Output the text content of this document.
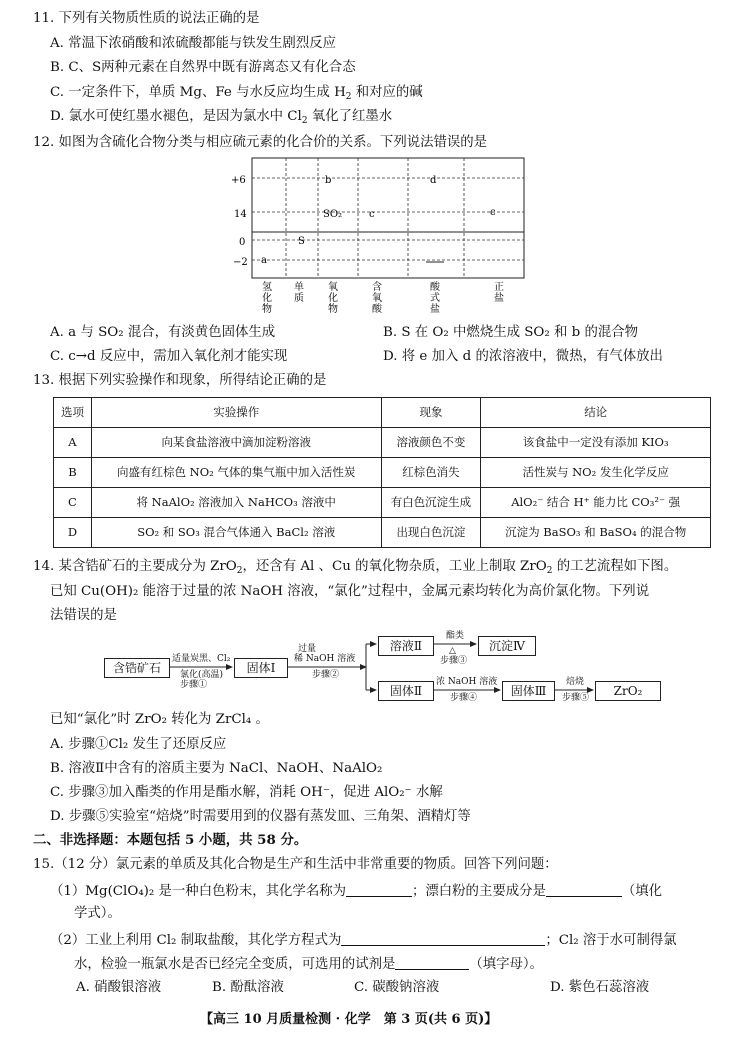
11. 下列有关物质性质的说法正确的是
A. 常温下浓硝酸和浓硫酸都能与铁发生剧烈反应
B. C、S两种元素在自然界中既有游离态又有化合态
C. 一定条件下，单质 Mg、Fe 与水反应均生成 $H_2$ 和对应的碱
D. 氯水可使红墨水褪色，是因为氯水中 $Cl_2$ 氧化了红墨水
12. 如图为含硫化合物分类与相应硫元素的化合价的关系。下列说法错误的是
+6
14
0
−2 a
S
b	d
SO₂	c	c
氢化物
单质
氧化物
含氧酸
酸式盐
正盐
A. a 与 SO₂ 混合，有淡黄色固体生成	B. S 在 O₂ 中燃烧生成 SO₂ 和 b 的混合物
C. c→d 反应中，需加入氧化剂才能实现	D. 将 e 加入 d 的浓溶液中，微热，有气体放出
13. 根据下列实验操作和现象，所得结论正确的是
选项	实验操作	现象	结论
A	向某食盐溶液中滴加淀粉溶液	溶液颜色不变	该食盐中一定没有添加 KIO₃
B	向盛有红棕色 NO₂ 气体的集气瓶中加入活性炭	红棕色消失	活性炭与 NO₂ 发生化学反应
C	将 NaAlO₂ 溶液加入 NaHCO₃ 溶液中	有白色沉淀生成	AlO₂⁻ 结合 H⁺ 能力比 CO₃²⁻ 强
D	SO₂ 和 SO₃ 混合气体通入 BaCl₂ 溶液	出现白色沉淀	沉淀为 BaSO₃ 和 BaSO₄ 的混合物
14. 某含锆矿石的主要成分为 ZrO$_2$，还含有 Al 、Cu 的氧化物杂质，工业上制取 ZrO$_2$ 的工艺流程如下图。
已知 Cu(OH)₂ 能溶于过量的浓 NaOH 溶液，“氯化”过程中，金属元素均转化为高价氯化物。下列说
法错误的是
含锆矿石
适量炭黑、Cl₂
氯化(高温)
步骤①
固体Ⅰ
过量
稀 NaOH 溶液
步骤②
溶液Ⅱ
酯类
△
步骤③
沉淀Ⅳ
固体Ⅱ
浓 NaOH 溶液
步骤④	固体Ⅲ
焙烧
步骤⑤	ZrO₂
已知“氯化”时 ZrO₂ 转化为 ZrCl₄ 。
A. 步骤①Cl₂ 发生了还原反应
B. 溶液Ⅱ中含有的溶质主要为 NaCl、NaOH、NaAlO₂
C. 步骤③加入酯类的作用是酯水解，消耗 OH⁻，促进 AlO₂⁻ 水解
D. 步骤⑤实验室“焙烧”时需要用到的仪器有蒸发皿、三角架、酒精灯等
二、非选择题：本题包括 5 小题，共 58 分。
15.（12 分）氯元素的单质及其化合物是生产和生活中非常重要的物质。回答下列问题：
（1）Mg(ClO₄)₂ 是一种白色粉末，其化学名称为	；漂白粉的主要成分是	（填化
学式）。
（2）工业上利用 Cl₂ 制取盐酸，其化学方程式为	；Cl₂ 溶于水可制得氯
水，检验一瓶氯水是否已经完全变质，可选用的试剂是	（填字母）。
A. 硝酸银溶液	B. 酚酞溶液	C. 碳酸钠溶液	D. 紫色石蕊溶液
【高三 10 月质量检测 · 化学　第 3 页(共 6 页)】
